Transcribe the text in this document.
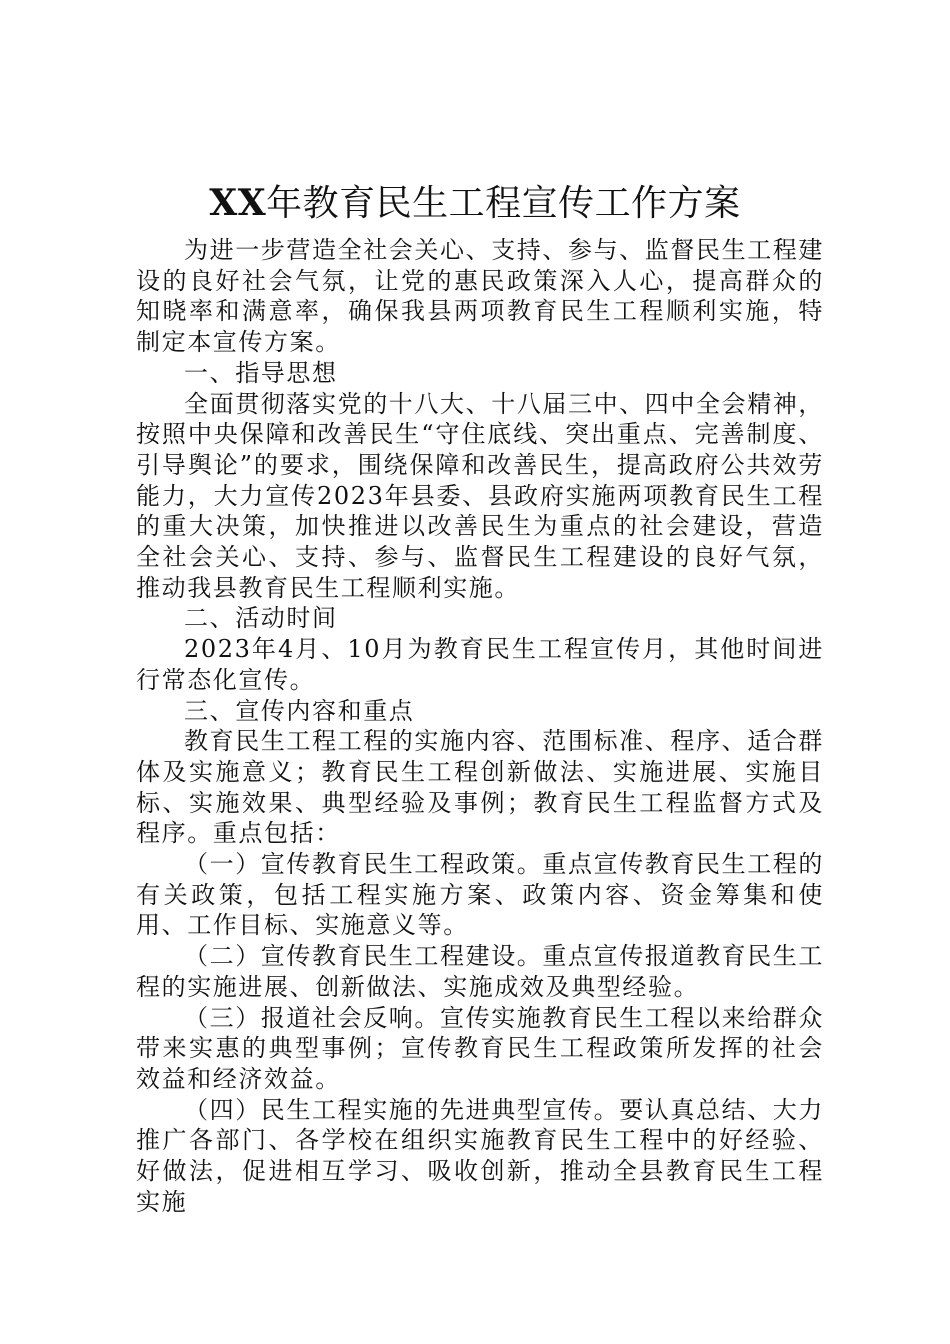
XX年教育民生工程宣传工作方案

为进一步营造全社会关心、支持、参与、监督民生工程建设的良好社会气氛，让党的惠民政策深入人心，提高群众的知晓率和满意率，确保我县两项教育民生工程顺利实施，特制定本宣传方案。

一、指导思想

全面贯彻落实党的十八大、十八届三中、四中全会精神，按照中央保障和改善民生“守住底线、突出重点、完善制度、引导舆论”的要求，围绕保障和改善民生，提高政府公共效劳能力，大力宣传2023年县委、县政府实施两项教育民生工程的重大决策，加快推进以改善民生为重点的社会建设，营造全社会关心、支持、参与、监督民生工程建设的良好气氛，推动我县教育民生工程顺利实施。

二、活动时间

2023年4月、10月为教育民生工程宣传月，其他时间进行常态化宣传。

三、宣传内容和重点

教育民生工程工程的实施内容、范围标准、程序、适合群体及实施意义；教育民生工程创新做法、实施进展、实施目标、实施效果、典型经验及事例；教育民生工程监督方式及程序。重点包括：

（一）宣传教育民生工程政策。重点宣传教育民生工程的有关政策，包括工程实施方案、政策内容、资金筹集和使用、工作目标、实施意义等。

（二）宣传教育民生工程建设。重点宣传报道教育民生工程的实施进展、创新做法、实施成效及典型经验。

（三）报道社会反响。宣传实施教育民生工程以来给群众带来实惠的典型事例；宣传教育民生工程政策所发挥的社会效益和经济效益。

（四）民生工程实施的先进典型宣传。要认真总结、大力推广各部门、各学校在组织实施教育民生工程中的好经验、好做法，促进相互学习、吸收创新，推动全县教育民生工程实施
